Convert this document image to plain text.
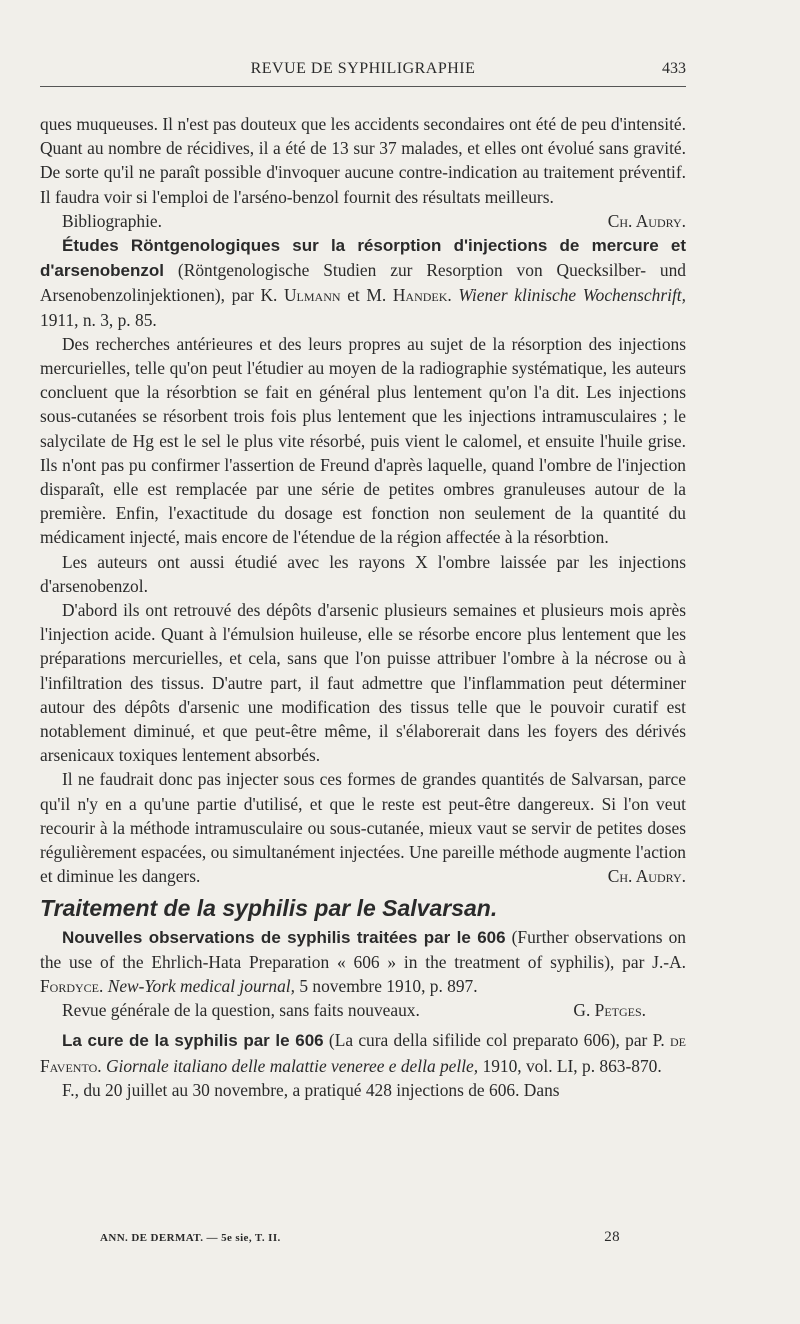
REVUE DE SYPHILIGRAPHIE	433

ques muqueuses. Il n'est pas douteux que les accidents secondaires ont été de peu d'intensité. Quant au nombre de récidives, il a été de 13 sur 37 malades, et elles ont évolué sans gravité. De sorte qu'il ne paraît possible d'invoquer aucune contre-indication au traitement préventif. Il faudra voir si l'emploi de l'arséno-benzol fournit des résultats meilleurs.

Bibliographie.	Ch. Audry.

Études Röntgenologiques sur la résorption d'injections de mercure et d'arsenobenzol (Röntgenologische Studien zur Resorption von Quecksilber- und Arsenobenzolinjektionen), par K. Ulmann et M. Handek. Wiener klinische Wochenschrift, 1911, n. 3, p. 85.

Des recherches antérieures et des leurs propres au sujet de la résorption des injections mercurielles, telle qu'on peut l'étudier au moyen de la radiographie systématique, les auteurs concluent que la résorbtion se fait en général plus lentement qu'on l'a dit. Les injections sous-cutanées se résorbent trois fois plus lentement que les injections intramusculaires ; le salycilate de Hg est le sel le plus vite résorbé, puis vient le calomel, et ensuite l'huile grise. Ils n'ont pas pu confirmer l'assertion de Freund d'après laquelle, quand l'ombre de l'injection disparaît, elle est remplacée par une série de petites ombres granuleuses autour de la première. Enfin, l'exactitude du dosage est fonction non seulement de la quantité du médicament injecté, mais encore de l'étendue de la région affectée à la résorbtion.

Les auteurs ont aussi étudié avec les rayons X l'ombre laissée par les injections d'arsenobenzol.

D'abord ils ont retrouvé des dépôts d'arsenic plusieurs semaines et plusieurs mois après l'injection acide. Quant à l'émulsion huileuse, elle se résorbe encore plus lentement que les préparations mercurielles, et cela, sans que l'on puisse attribuer l'ombre à la nécrose ou à l'infiltration des tissus. D'autre part, il faut admettre que l'inflammation peut déterminer autour des dépôts d'arsenic une modification des tissus telle que le pouvoir curatif est notablement diminué, et que peut-être même, il s'élaborerait dans les foyers des dérivés arsenicaux toxiques lentement absorbés.

Il ne faudrait donc pas injecter sous ces formes de grandes quantités de Salvarsan, parce qu'il n'y en a qu'une partie d'utilisé, et que le reste est peut-être dangereux. Si l'on veut recourir à la méthode intramusculaire ou sous-cutanée, mieux vaut se servir de petites doses régulièrement espacées, ou simultanément injectées. Une pareille méthode augmente l'action et diminue les dangers.	Ch. Audry.

Traitement de la syphilis par le Salvarsan.

Nouvelles observations de syphilis traitées par le 606 (Further observations on the use of the Ehrlich-Hata Preparation « 606 » in the treatment of syphilis), par J.-A. Fordyce. New-York medical journal, 5 novembre 1910, p. 897.

Revue générale de la question, sans faits nouveaux.	G. Petges.

La cure de la syphilis par le 606 (La cura della sifilide col preparato 606), par P. de Favento. Giornale italiano delle malattie veneree e della pelle, 1910, vol. LI, p. 863-870.

F., du 20 juillet au 30 novembre, a pratiqué 428 injections de 606. Dans

ANN. DE DERMAT. — 5e sie, T. II.	28
